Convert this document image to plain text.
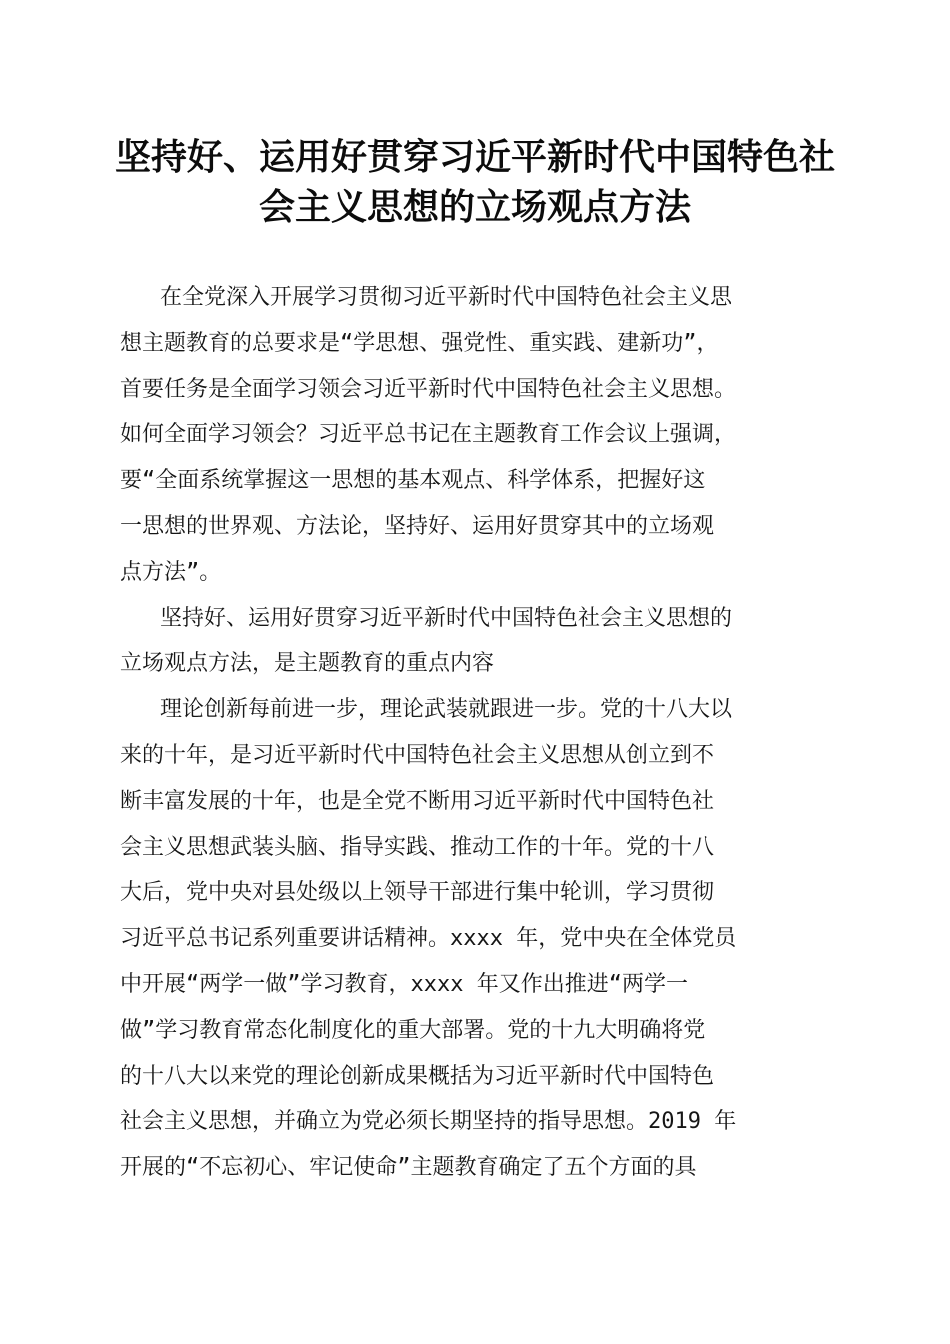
坚持好、运用好贯穿习近平新时代中国特色社
会主义思想的立场观点方法
在全党深入开展学习贯彻习近平新时代中国特色社会主义思
想主题教育的总要求是“学思想、强党性、重实践、建新功”，
首要任务是全面学习领会习近平新时代中国特色社会主义思想。
如何全面学习领会？习近平总书记在主题教育工作会议上强调，
要“全面系统掌握这一思想的基本观点、科学体系，把握好这
一思想的世界观、方法论，坚持好、运用好贯穿其中的立场观
点方法”。
坚持好、运用好贯穿习近平新时代中国特色社会主义思想的
立场观点方法，是主题教育的重点内容
理论创新每前进一步，理论武装就跟进一步。党的十八大以
来的十年，是习近平新时代中国特色社会主义思想从创立到不
断丰富发展的十年，也是全党不断用习近平新时代中国特色社
会主义思想武装头脑、指导实践、推动工作的十年。党的十八
大后，党中央对县处级以上领导干部进行集中轮训，学习贯彻
习近平总书记系列重要讲话精神。xxxx 年，党中央在全体党员
中开展“两学一做”学习教育，xxxx 年又作出推进“两学一
做”学习教育常态化制度化的重大部署。党的十九大明确将党
的十八大以来党的理论创新成果概括为习近平新时代中国特色
社会主义思想，并确立为党必须长期坚持的指导思想。2019 年
开展的“不忘初心、牢记使命”主题教育确定了五个方面的具
